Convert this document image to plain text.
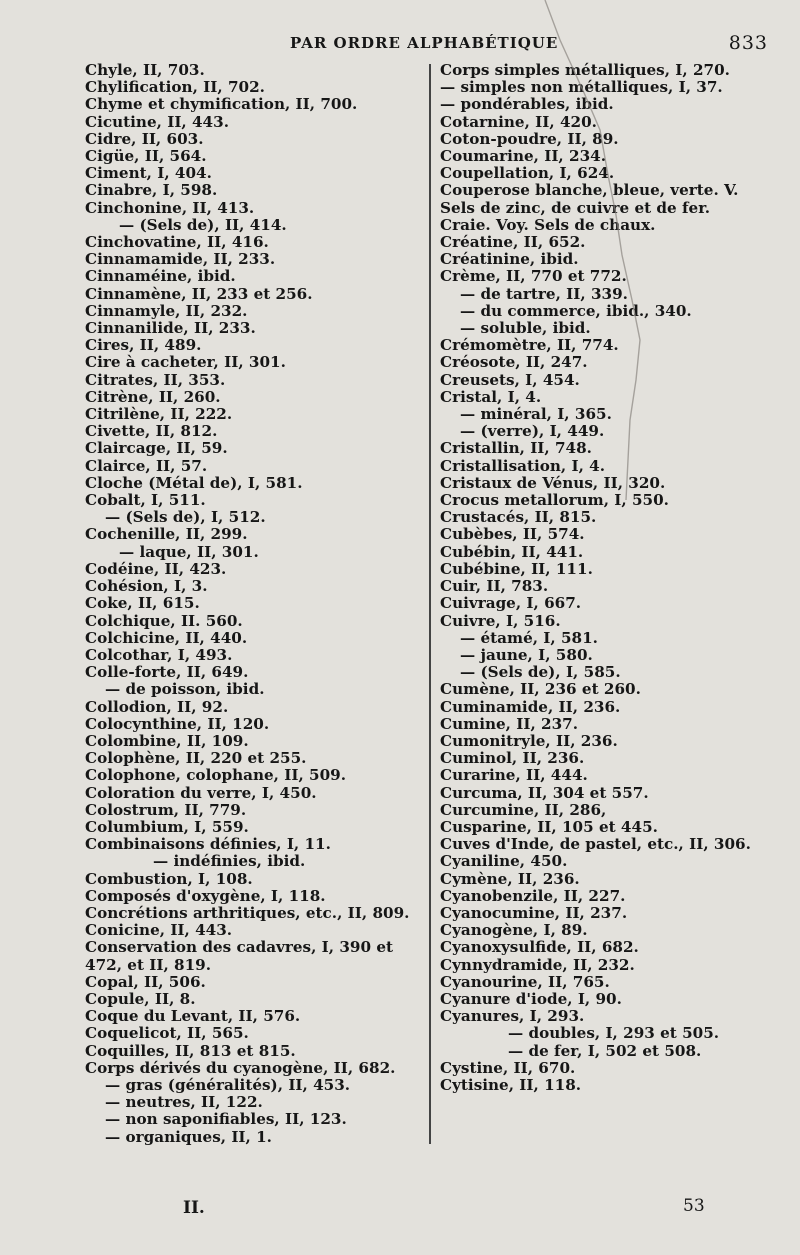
PAR ORDRE ALPHABÉTIQUE	833
Chyle, II, 703.
Chylification, II, 702.
Chyme et chymification, II, 700.
Cicutine, II, 443.
Cidre, II, 603.
Cigüe, II, 564.
Ciment, I, 404.
Cinabre, I, 598.
Cinchonine, II, 413.
— (Sels de), II, 414.
Cinchovatine, II, 416.
Cinnamamide, II, 233.
Cinnaméine, ibid.
Cinnamène, II, 233 et 256.
Cinnamyle, II, 232.
Cinnanilide, II, 233.
Cires, II, 489.
Cire à cacheter, II, 301.
Citrates, II, 353.
Citrène, II, 260.
Citrilène, II, 222.
Civette, II, 812.
Claircage, II, 59.
Clairce, II, 57.
Cloche (Métal de), I, 581.
Cobalt, I, 511.
— (Sels de), I, 512.
Cochenille, II, 299.
— laque, II, 301.
Codéine, II, 423.
Cohésion, I, 3.
Coke, II, 615.
Colchique, II. 560.
Colchicine, II, 440.
Colcothar, I, 493.
Colle-forte, II, 649.
— de poisson, ibid.
Collodion, II, 92.
Colocynthine, II, 120.
Colombine, II, 109.
Colophène, II, 220 et 255.
Colophone, colophane, II, 509.
Coloration du verre, I, 450.
Colostrum, II, 779.
Columbium, I, 559.
Combinaisons définies, I, 11.
— indéfinies, ibid.
Combustion, I, 108.
Composés d'oxygène, I, 118.
Concrétions arthritiques, etc., II, 809.
Conicine, II, 443.
Conservation des cadavres, I, 390 et 472, et II, 819.
Copal, II, 506.
Copule, II, 8.
Coque du Levant, II, 576.
Coquelicot, II, 565.
Coquilles, II, 813 et 815.
Corps dérivés du cyanogène, II, 682.
— gras (généralités), II, 453.
— neutres, II, 122.
— non saponifiables, II, 123.
— organiques, II, 1.
Corps simples métalliques, I, 270.
— simples non métalliques, I, 37.
— pondérables, ibid.
Cotarnine, II, 420.
Coton-poudre, II, 89.
Coumarine, II, 234.
Coupellation, I, 624.
Couperose blanche, bleue, verte. V. Sels de zinc, de cuivre et de fer.
Craie. Voy. Sels de chaux.
Créatine, II, 652.
Créatinine, ibid.
Crème, II, 770 et 772.
— de tartre, II, 339.
— du commerce, ibid., 340.
— soluble, ibid.
Crémomètre, II, 774.
Créosote, II, 247.
Creusets, I, 454.
Cristal, I, 4.
— minéral, I, 365.
— (verre), I, 449.
Cristallin, II, 748.
Cristallisation, I, 4.
Cristaux de Vénus, II, 320.
Crocus metallorum, I, 550.
Crustacés, II, 815.
Cubèbes, II, 574.
Cubébin, II, 441.
Cubébine, II, 111.
Cuir, II, 783.
Cuivrage, I, 667.
Cuivre, I, 516.
— étamé, I, 581.
— jaune, I, 580.
— (Sels de), I, 585.
Cumène, II, 236 et 260.
Cuminamide, II, 236.
Cumine, II, 237.
Cumonitryle, II, 236.
Cuminol, II, 236.
Curarine, II, 444.
Curcuma, II, 304 et 557.
Curcumine, II, 286,
Cusparine, II, 105 et 445.
Cuves d'Inde, de pastel, etc., II, 306.
Cyaniline, 450.
Cymène, II, 236.
Cyanobenzile, II, 227.
Cyanocumine, II, 237.
Cyanogène, I, 89.
Cyanoxysulfide, II, 682.
Cynnydramide, II, 232.
Cyanourine, II, 765.
Cyanure d'iode, I, 90.
Cyanures, I, 293.
— doubles, I, 293 et 505.
— de fer, I, 502 et 508.
Cystine, II, 670.
Cytisine, II, 118.
II.	53
